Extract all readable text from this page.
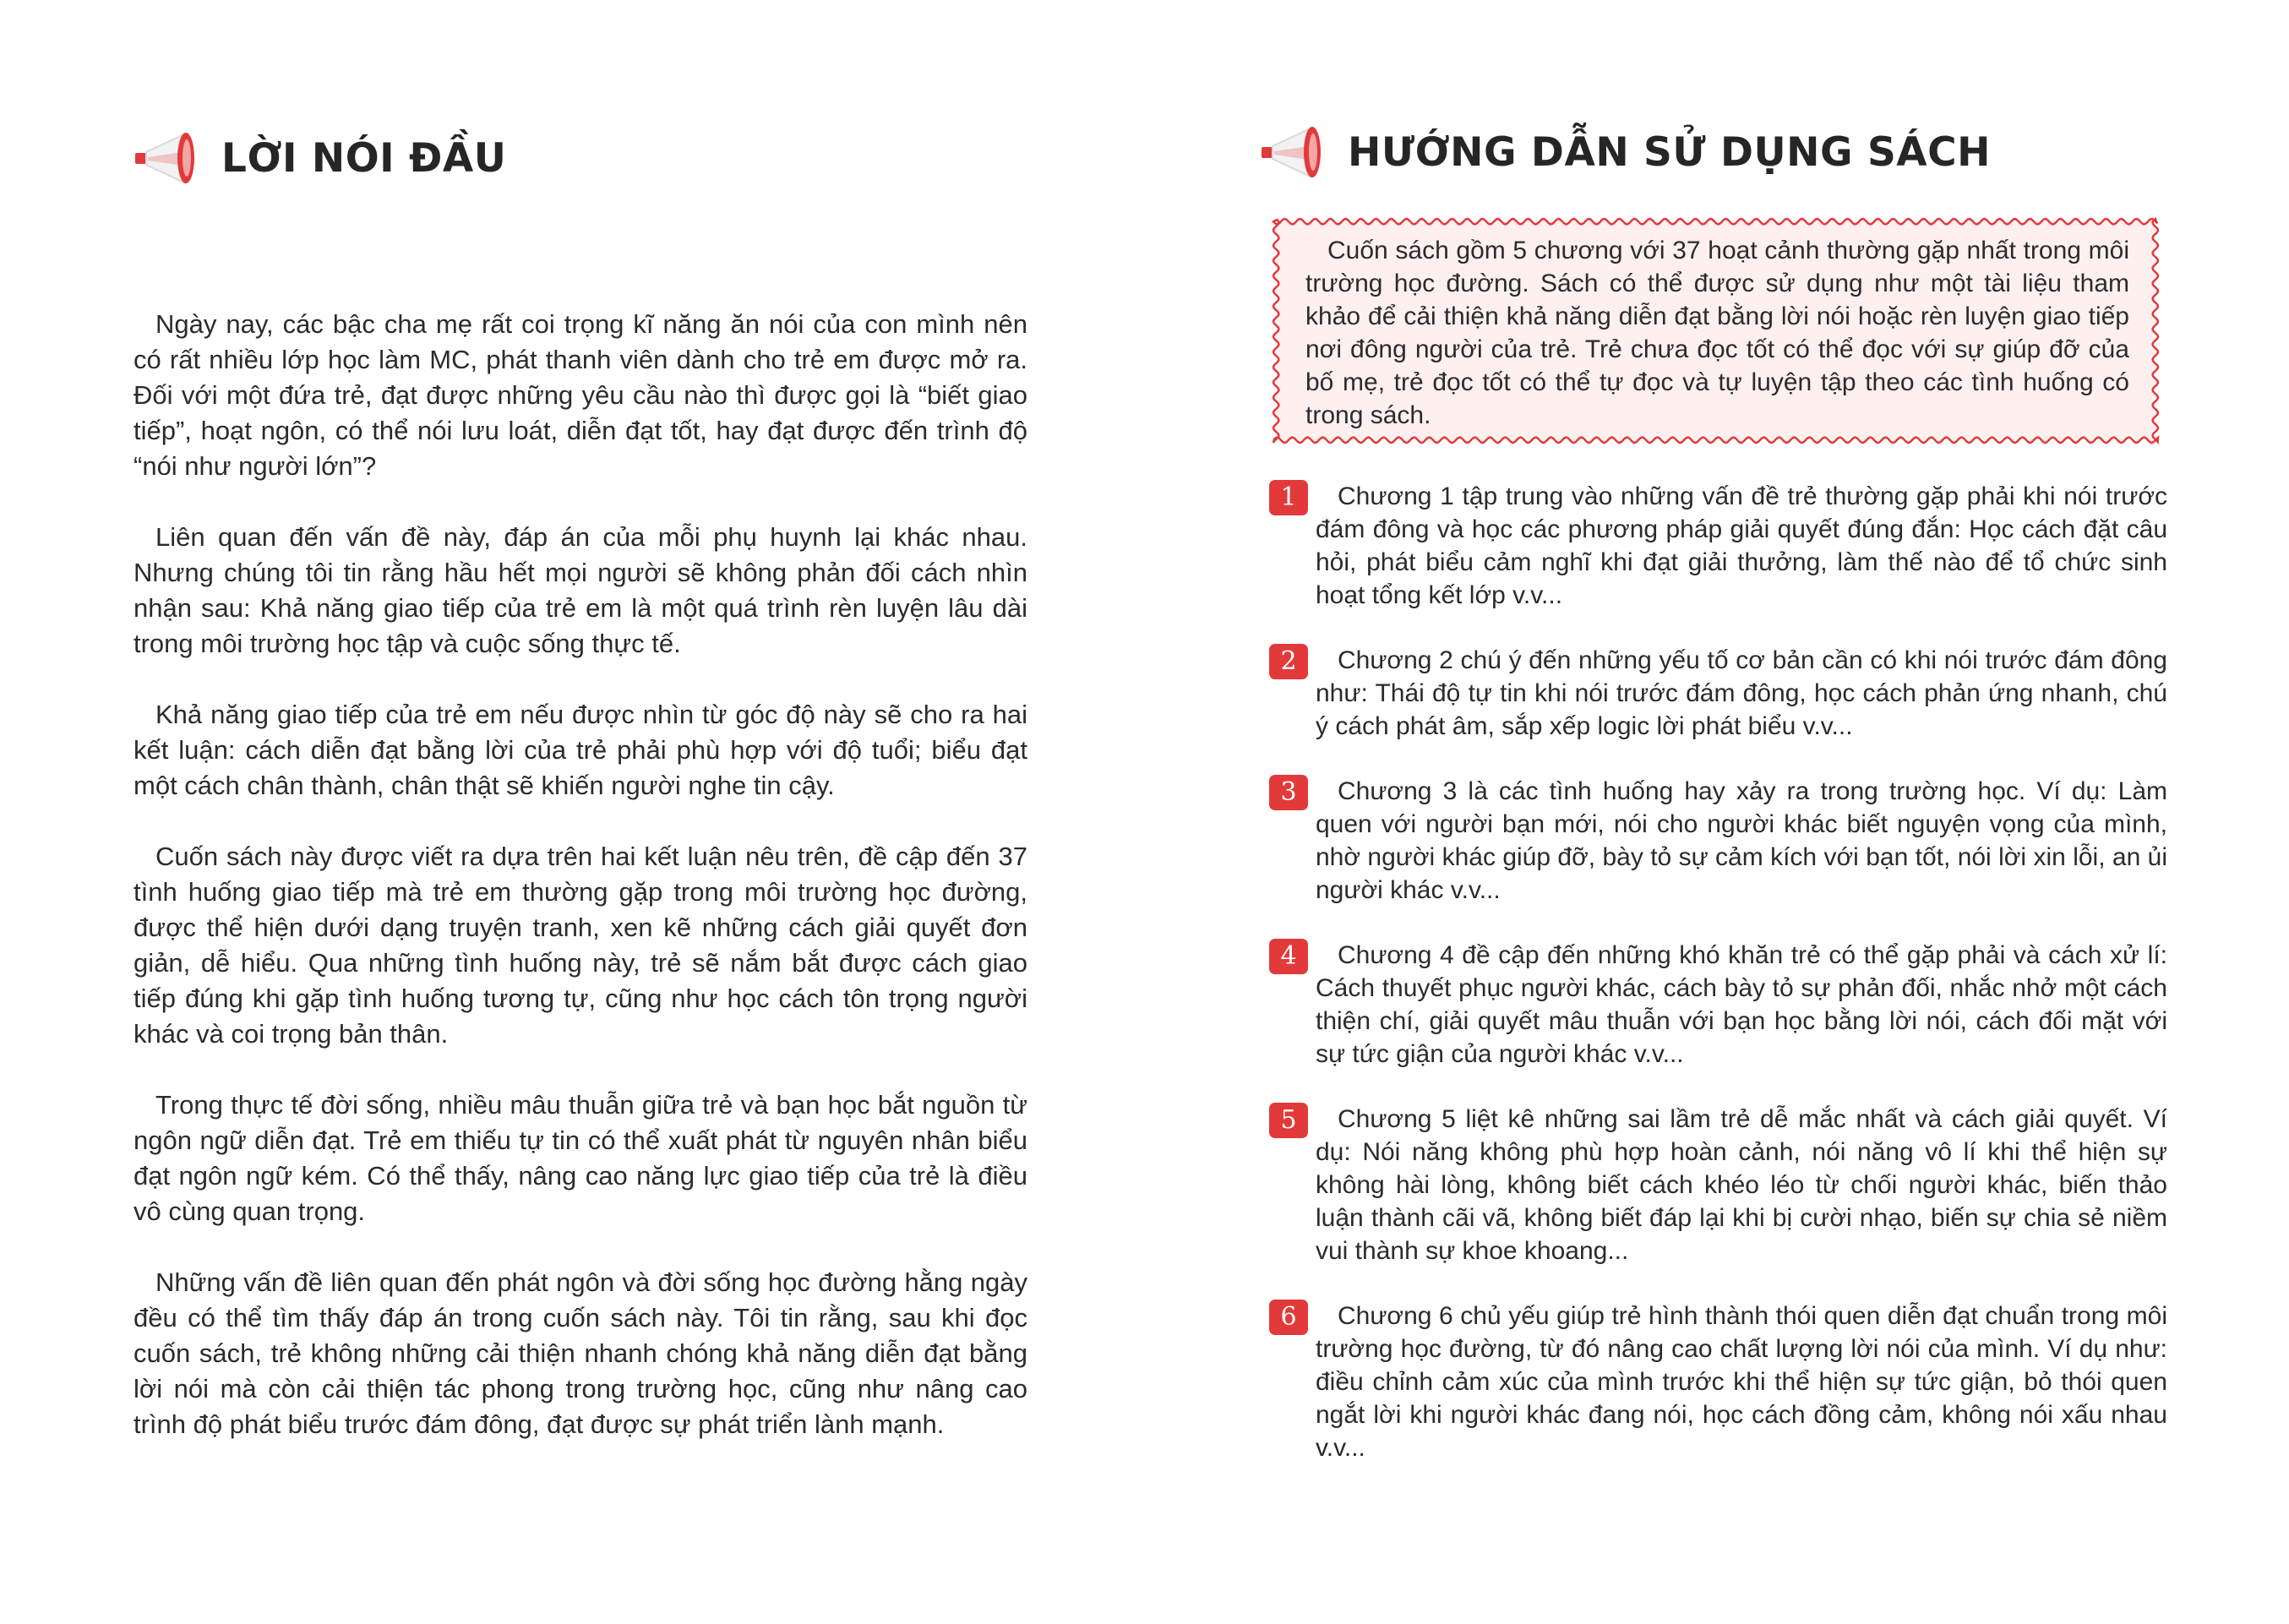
LỜI NÓI ĐẦU

Ngày nay, các bậc cha mẹ rất coi trọng kĩ năng ăn nói của con mình nên có rất nhiều lớp học làm MC, phát thanh viên dành cho trẻ em được mở ra. Đối với một đứa trẻ, đạt được những yêu cầu nào thì được gọi là “biết giao tiếp”, hoạt ngôn, có thể nói lưu loát, diễn đạt tốt, hay đạt được đến trình độ “nói như người lớn”?

Liên quan đến vấn đề này, đáp án của mỗi phụ huynh lại khác nhau. Nhưng chúng tôi tin rằng hầu hết mọi người sẽ không phản đối cách nhìn nhận sau: Khả năng giao tiếp của trẻ em là một quá trình rèn luyện lâu dài trong môi trường học tập và cuộc sống thực tế.

Khả năng giao tiếp của trẻ em nếu được nhìn từ góc độ này sẽ cho ra hai kết luận: cách diễn đạt bằng lời của trẻ phải phù hợp với độ tuổi; biểu đạt một cách chân thành, chân thật sẽ khiến người nghe tin cậy.

Cuốn sách này được viết ra dựa trên hai kết luận nêu trên, đề cập đến 37 tình huống giao tiếp mà trẻ em thường gặp trong môi trường học đường, được thể hiện dưới dạng truyện tranh, xen kẽ những cách giải quyết đơn giản, dễ hiểu. Qua những tình huống này, trẻ sẽ nắm bắt được cách giao tiếp đúng khi gặp tình huống tương tự, cũng như học cách tôn trọng người khác và coi trọng bản thân.

Trong thực tế đời sống, nhiều mâu thuẫn giữa trẻ và bạn học bắt nguồn từ ngôn ngữ diễn đạt. Trẻ em thiếu tự tin có thể xuất phát từ nguyên nhân biểu đạt ngôn ngữ kém. Có thể thấy, nâng cao năng lực giao tiếp của trẻ là điều vô cùng quan trọng.

Những vấn đề liên quan đến phát ngôn và đời sống học đường hằng ngày đều có thể tìm thấy đáp án trong cuốn sách này. Tôi tin rằng, sau khi đọc cuốn sách, trẻ không những cải thiện nhanh chóng khả năng diễn đạt bằng lời nói mà còn cải thiện tác phong trong trường học, cũng như nâng cao trình độ phát biểu trước đám đông, đạt được sự phát triển lành mạnh.

HƯỚNG DẪN SỬ DỤNG SÁCH

Cuốn sách gồm 5 chương với 37 hoạt cảnh thường gặp nhất trong môi trường học đường. Sách có thể được sử dụng như một tài liệu tham khảo để cải thiện khả năng diễn đạt bằng lời nói hoặc rèn luyện giao tiếp nơi đông người của trẻ. Trẻ chưa đọc tốt có thể đọc với sự giúp đỡ của bố mẹ, trẻ đọc tốt có thể tự đọc và tự luyện tập theo các tình huống có trong sách.

1	Chương 1 tập trung vào những vấn đề trẻ thường gặp phải khi nói trước đám đông và học các phương pháp giải quyết đúng đắn: Học cách đặt câu hỏi, phát biểu cảm nghĩ khi đạt giải thưởng, làm thế nào để tổ chức sinh hoạt tổng kết lớp v.v...

2	Chương 2 chú ý đến những yếu tố cơ bản cần có khi nói trước đám đông như: Thái độ tự tin khi nói trước đám đông, học cách phản ứng nhanh, chú ý cách phát âm, sắp xếp logic lời phát biểu v.v...

3	Chương 3 là các tình huống hay xảy ra trong trường học. Ví dụ: Làm quen với người bạn mới, nói cho người khác biết nguyện vọng của mình, nhờ người khác giúp đỡ, bày tỏ sự cảm kích với bạn tốt, nói lời xin lỗi, an ủi người khác v.v...

4	Chương 4 đề cập đến những khó khăn trẻ có thể gặp phải và cách xử lí: Cách thuyết phục người khác, cách bày tỏ sự phản đối, nhắc nhở một cách thiện chí, giải quyết mâu thuẫn với bạn học bằng lời nói, cách đối mặt với sự tức giận của người khác v.v...

5	Chương 5 liệt kê những sai lầm trẻ dễ mắc nhất và cách giải quyết. Ví dụ: Nói năng không phù hợp hoàn cảnh, nói năng vô lí khi thể hiện sự không hài lòng, không biết cách khéo léo từ chối người khác, biến thảo luận thành cãi vã, không biết đáp lại khi bị cười nhạo, biến sự chia sẻ niềm vui thành sự khoe khoang...

6	Chương 6 chủ yếu giúp trẻ hình thành thói quen diễn đạt chuẩn trong môi trường học đường, từ đó nâng cao chất lượng lời nói của mình. Ví dụ như: điều chỉnh cảm xúc của mình trước khi thể hiện sự tức giận, bỏ thói quen ngắt lời khi người khác đang nói, học cách đồng cảm, không nói xấu nhau v.v...
